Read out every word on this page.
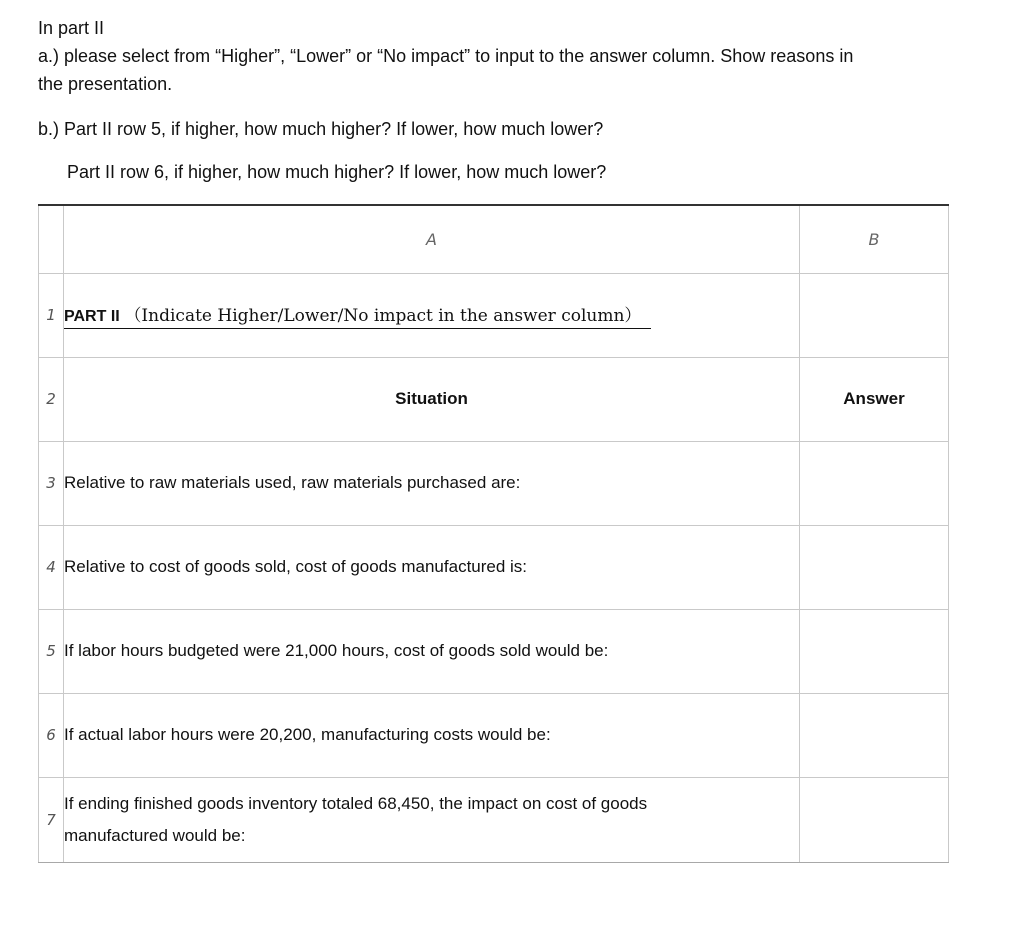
In part II
a.) please select from “Higher”, “Lower” or “No impact” to input to the answer column. Show reasons in
the presentation.
b.) Part II row 5, if higher, how much higher? If lower, how much lower?
Part II row 6, if higher, how much higher? If lower, how much lower?
	A	B
1	PART II （Indicate Higher/Lower/No impact in the answer column）	
2	Situation	Answer
3	Relative to raw materials used, raw materials purchased are:	
4	Relative to cost of goods sold, cost of goods manufactured is:	
5	If labor hours budgeted were 21,000 hours, cost of goods sold would be:	
6	If actual labor hours were 20,200, manufacturing costs would be:	
7	If ending finished goods inventory totaled 68,450, the impact on cost of goods
manufactured would be:	
